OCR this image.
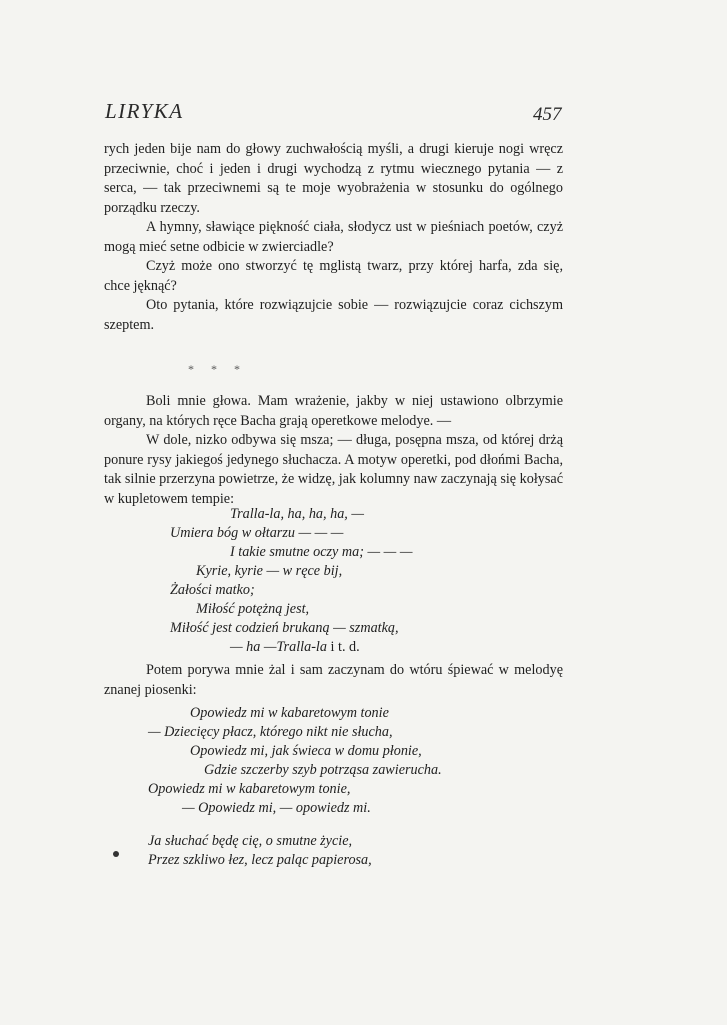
LIRYKA	457

rych jeden bije nam do głowy zuchwałością myśli, a drugi kieruje nogi wręcz przeciwnie, choć i jeden i drugi wychodzą z rytmu wiecznego pytania — z serca, — tak przeciwnemi są te moje wyobrażenia w stosunku do ogólnego porządku rzeczy.

A hymny, sławiące piękność ciała, słodycz ust w pieśniach poetów, czyż mogą mieć setne odbicie w zwierciadle?

Czyż może ono stworzyć tę mglistą twarz, przy której harfa, zda się, chce jęknąć?

Oto pytania, które rozwiązujcie sobie — rozwiązujcie coraz cichszym szeptem.

* * *

Boli mnie głowa. Mam wrażenie, jakby w niej ustawiono olbrzymie organy, na których ręce Bacha grają operetkowe melodye. —

W dole, nizko odbywa się msza; — długa, posępna msza, od której drżą ponure rysy jakiegoś jedynego słuchacza. A motyw operetki, pod dłońmi Bacha, tak silnie przerzyna powietrze, że widzę, jak kolumny naw zaczynają się kołysać w kupletowem tempie:

Tralla-la, ha, ha, ha, —

Umiera bóg w ołtarzu — — —

I takie smutne oczy ma; — — —

Kyrie, kyrie — w ręce bij,

Żałości matko;

Miłość potężną jest,

Miłość jest codzień brukaną — szmatką,

— ha —Tralla-la i t. d.

Potem porywa mnie żal i sam zaczynam do wtóru śpiewać w melodyę znanej piosenki:

Opowiedz mi w kabaretowym tonie

— Dziecięcy płacz, którego nikt nie słucha,

Opowiedz mi, jak świeca w domu płonie,

Gdzie szczerby szyb potrząsa zawierucha.

Opowiedz mi w kabaretowym tonie,

— Opowiedz mi, — opowiedz mi.

Ja słuchać będę cię, o smutne życie,

Przez szkliwo łez, lecz paląc papierosa,
